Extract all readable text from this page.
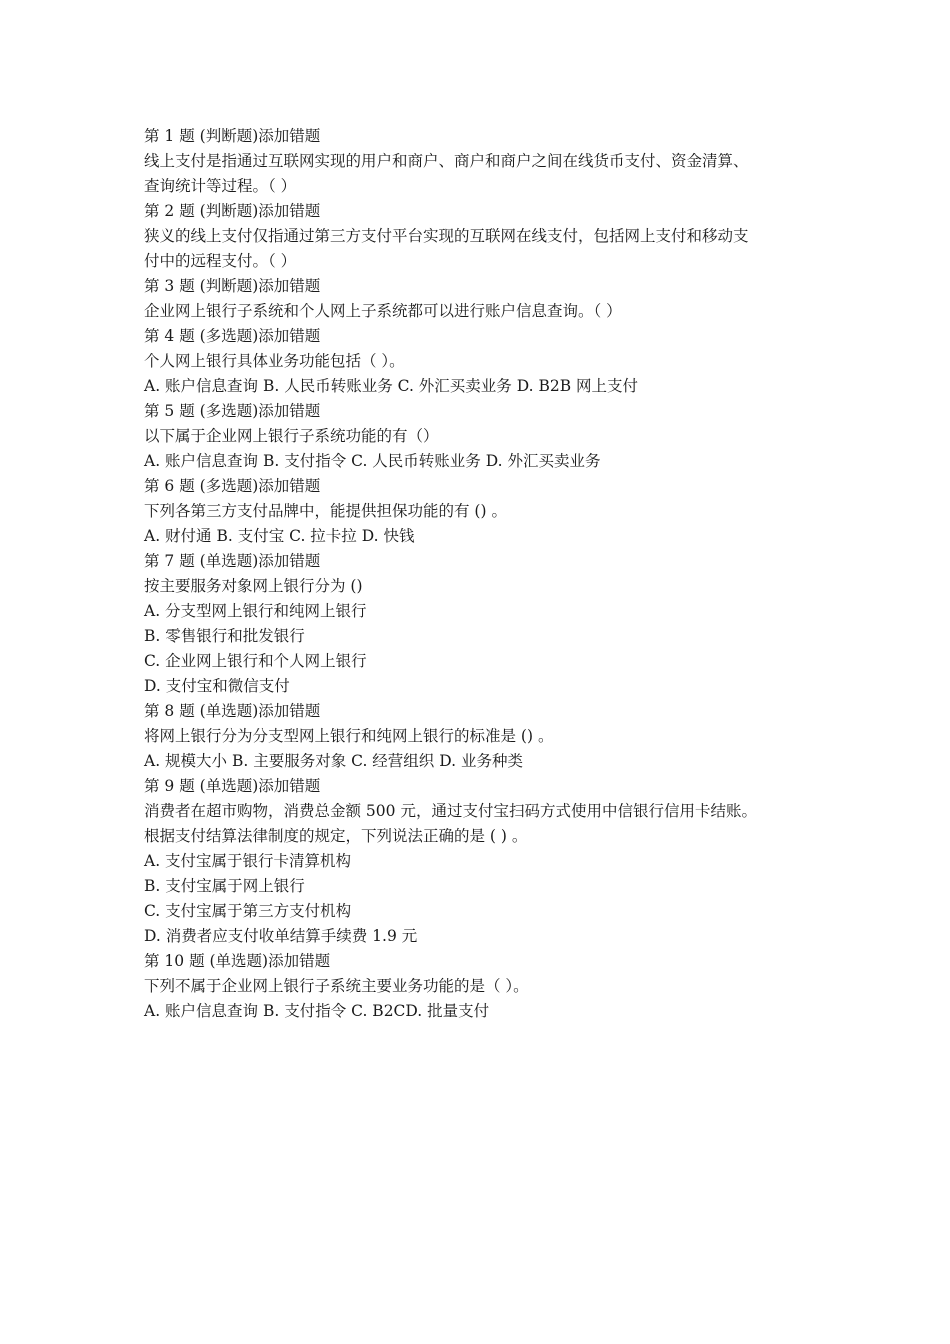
第 1 题 (判断题)添加错题
线上支付是指通过互联网实现的用户和商户、商户和商户之间在线货币支付、资金清算、
查询统计等过程。（ ）
第 2 题 (判断题)添加错题
狭义的线上支付仅指通过第三方支付平台实现的互联网在线支付，包括网上支付和移动支
付中的远程支付。（ ）
第 3 题 (判断题)添加错题
企业网上银行子系统和个人网上子系统都可以进行账户信息查询。（ ）
第 4 题 (多选题)添加错题
个人网上银行具体业务功能包括（ ）。
A. 账户信息查询 B. 人民币转账业务 C. 外汇买卖业务 D. B2B 网上支付
第 5 题 (多选题)添加错题
以下属于企业网上银行子系统功能的有（）
A. 账户信息查询 B. 支付指令 C. 人民币转账业务 D. 外汇买卖业务
第 6 题 (多选题)添加错题
下列各第三方支付品牌中，能提供担保功能的有 () 。
A. 财付通 B. 支付宝 C. 拉卡拉 D. 快钱
第 7 题 (单选题)添加错题
按主要服务对象网上银行分为 ()
A. 分支型网上银行和纯网上银行
B. 零售银行和批发银行
C. 企业网上银行和个人网上银行
D. 支付宝和微信支付
第 8 题 (单选题)添加错题
将网上银行分为分支型网上银行和纯网上银行的标准是 () 。
A. 规模大小 B. 主要服务对象 C. 经营组织 D. 业务种类
第 9 题 (单选题)添加错题
消费者在超市购物，消费总金额 500 元，通过支付宝扫码方式使用中信银行信用卡结账。
根据支付结算法律制度的规定，下列说法正确的是 ( ) 。
A. 支付宝属于银行卡清算机构
B. 支付宝属于网上银行
C. 支付宝属于第三方支付机构
D. 消费者应支付收单结算手续费 1.9 元
第 10 题 (单选题)添加错题
下列不属于企业网上银行子系统主要业务功能的是（ ）。
A. 账户信息查询 B. 支付指令 C. B2CD. 批量支付
